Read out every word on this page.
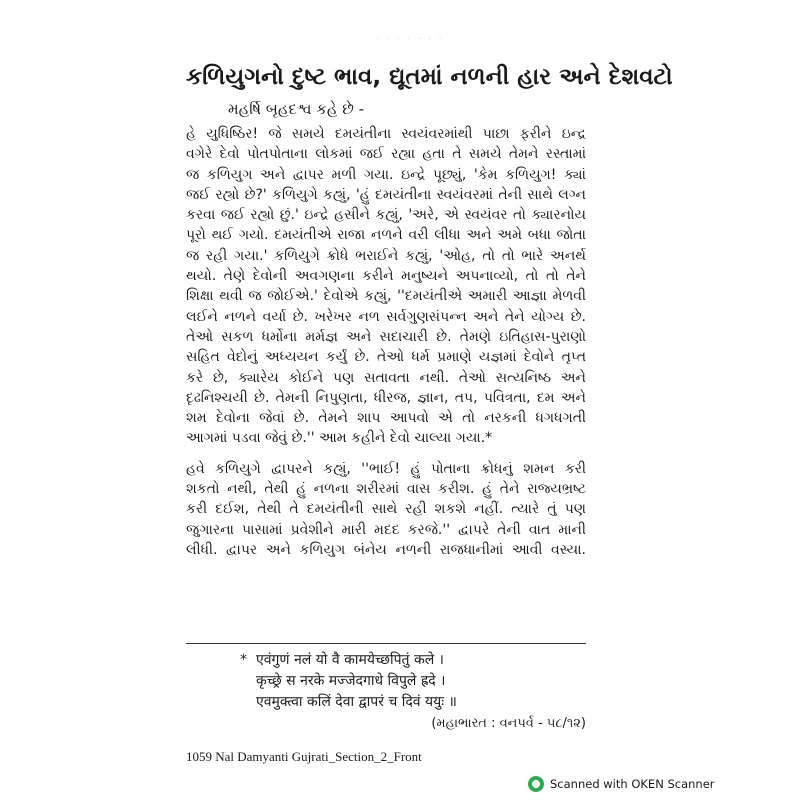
· · · · · · ·
કળિયુગનો દુષ્ટ ભાવ, દ્યૂતમાં નળની હાર અને દેશવટો
મહર્ષિ બૃહદશ્વ કહે છે -
હે યુધિષ્ઠિર! જે સમયે દમયંતીના સ્વયંવરમાંથી પાછા ફરીને ઇન્દ્ર
વગેરે દેવો પોતપોતાના લોકમાં જઈ રહ્યા હતા તે સમયે તેમને રસ્તામાં
જ કળિયુગ અને દ્વાપર મળી ગયા. ઇન્દ્રે પૂછ્યું, 'કેમ કળિયુગ! ક્યાં
જઈ રહ્યો છે?' કળિયુગે કહ્યું, 'હું દમયંતીના સ્વયંવરમાં તેની સાથે લગ્ન
કરવા જઈ રહ્યો છું.' ઇન્દ્રે હસીને કહ્યું, 'અરે, એ સ્વયંવર તો ક્યારનોય
પૂરો થઈ ગયો. દમયંતીએ રાજા નળને વરી લીધા અને અમે બધા જોતા
જ રહી ગયા.' કળિયુગે ક્રોધે ભરાઈને કહ્યું, 'ઓહ, તો તો ભારે અનર્થ
થયો. તેણે દેવોની અવગણના કરીને મનુષ્યને અપનાવ્યો, તો તો તેને
શિક્ષા થવી જ જોઈએ.' દેવોએ કહ્યું, ''દમયંતીએ અમારી આજ્ઞા મેળવી
લઈને નળને વર્યા છે. ખરેખર નળ સર્વગુણસંપન્ન અને તેને યોગ્ય છે.
તેઓ સકળ ધર્મોના મર્મજ્ઞ અને સદાચારી છે. તેમણે ઇતિહાસ-પુરાણો
સહિત વેદોનું અધ્યયન કર્યું છે. તેઓ ધર્મ પ્રમાણે યજ્ઞમાં દેવોને તૃપ્ત
કરે છે, ક્યારેય કોઈને પણ સતાવતા નથી. તેઓ સત્યનિષ્ઠ અને
દૃઢનિશ્ચયી છે. તેમની નિપુણતા, ધીરજ, જ્ઞાન, તપ, પવિત્રતા, દમ અને
શમ દેવોના જેવાં છે. તેમને શાપ આપવો એ તો નરકની ધગધગતી
આગમાં પડવા જેવું છે.'' આમ કહીને દેવો ચાલ્યા ગયા.*
હવે કળિયુગે દ્વાપરને કહ્યું, ''ભાઈ! હું પોતાના ક્રોધનું શમન કરી
શકતો નથી, તેથી હું નળના શરીરમાં વાસ કરીશ. હું તેને રાજ્યભ્રષ્ટ
કરી દઈશ, તેથી તે દમયંતીની સાથે રહી શકશે નહીં. ત્યારે તું પણ
જુગારના પાસામાં પ્રવેશીને મારી મદદ કરજે.'' દ્વાપરે તેની વાત માની
લીધી. દ્વાપર અને કળિયુગ બંનેય નળની રાજધાનીમાં આવી વસ્યા.
* एवंगुणं नलं यो वै कामयेच्छपितुं कले ।
कृच्छ्रे स नरके मज्जेदगाधे विपुले ह्रदे ।
एवमुक्त्वा कलिं देवा द्वापरं च दिवं ययुः ॥
(મહાભારત : વનપર્વ - ૫૮/૧૨)
1059 Nal Damyanti Gujrati_Section_2_Front
Scanned with OKEN Scanner
